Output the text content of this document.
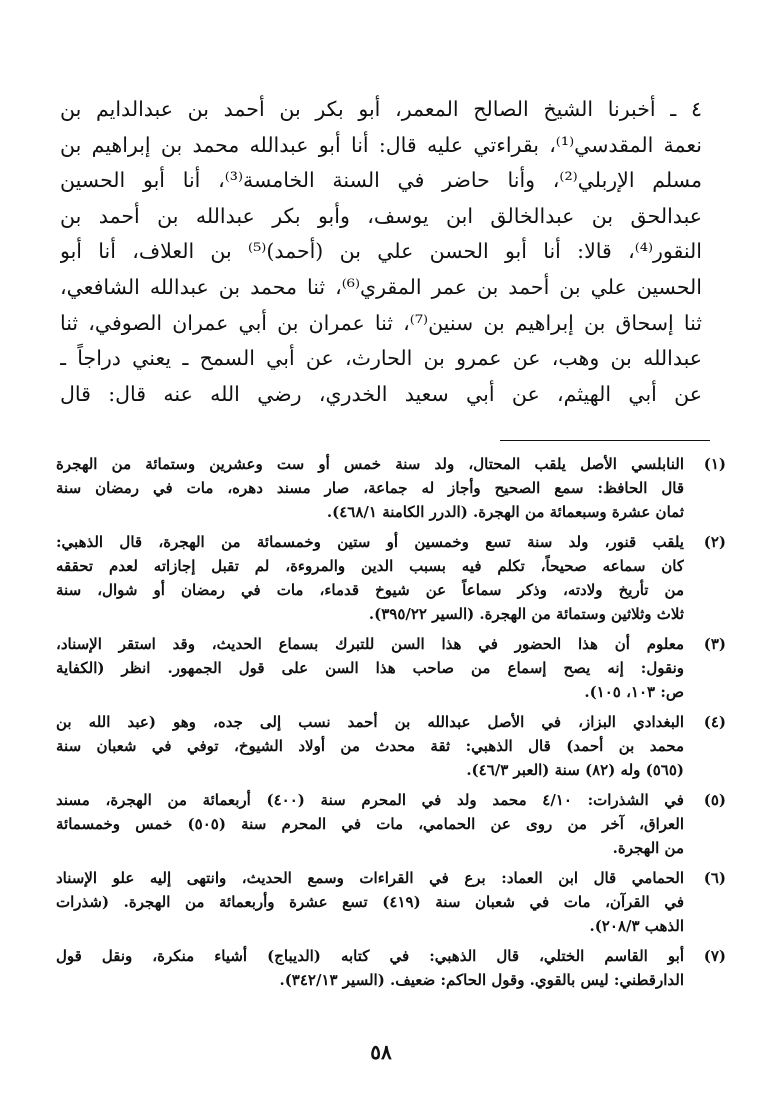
٤ ـ أخبرنا الشيخ الصالح المعمر، أبو بكر بن أحمد بن عبدالدايم بن
نعمة المقدسي⁽¹⁾، بقراءتي عليه قال: أنا أبو عبدالله محمد بن إبراهيم بن
مسلم الإربلي⁽²⁾، وأنا حاضر في السنة الخامسة⁽³⁾، أنا أبو الحسين
عبدالحق بن عبدالخالق ابن يوسف، وأبو بكر عبدالله بن أحمد بن
النقور⁽⁴⁾، قالا: أنا أبو الحسن علي بن (أحمد)⁽⁵⁾ بن العلاف، أنا أبو
الحسين علي بن أحمد بن عمر المقري⁽⁶⁾، ثنا محمد بن عبدالله الشافعي،
ثنا إسحاق بن إبراهيم بن سنين⁽⁷⁾، ثنا عمران بن أبي عمران الصوفي، ثنا
عبدالله بن وهب، عن عمرو بن الحارث، عن أبي السمح ـ يعني دراجاً ـ
عن أبي الهيثم، عن أبي سعيد الخدري، رضي الله عنه قال: قال
(١)
النابلسي الأصل يلقب المحتال، ولد سنة خمس أو ست وعشرين وستمائة من الهجرة
قال الحافظ: سمع الصحيح وأجاز له جماعة، صار مسند دهره، مات في رمضان سنة
ثمان عشرة وسبعمائة من الهجرة. (الدرر الكامنة ٤٦٨/١).
(٢)
يلقب قنور، ولد سنة تسع وخمسين أو ستين وخمسمائة من الهجرة، قال الذهبي:
كان سماعه صحيحاً، تكلم فيه بسبب الدين والمروءة، لم تقبل إجازاته لعدم تحققه
من تأريخ ولادته، وذكر سماعاً عن شيوخ قدماء، مات في رمضان أو شوال، سنة
ثلاث وثلاثين وستمائة من الهجرة. (السير ٣٩٥/٢٢).
(٣)
معلوم أن هذا الحضور في هذا السن للتبرك بسماع الحديث، وقد استقر الإسناد،
ونقول: إنه يصح إسماع من صاحب هذا السن على قول الجمهور. انظر (الكفاية
ص: ١٠٣، ١٠٥).
(٤)
البغدادي البزاز، في الأصل عبدالله بن أحمد نسب إلى جده، وهو (عبد الله بن
محمد بن أحمد) قال الذهبي: ثقة محدث من أولاد الشيوخ، توفي في شعبان سنة
(٥٦٥) وله (٨٢) سنة (العبر ٤٦/٣).
(٥)
في الشذرات: ٤/١٠ محمد ولد في المحرم سنة (٤٠٠) أربعمائة من الهجرة، مسند
العراق، آخر من روى عن الحمامي، مات في المحرم سنة (٥٠٥) خمس وخمسمائة
من الهجرة.
(٦)
الحمامي قال ابن العماد: برع في القراءات وسمع الحديث، وانتهى إليه علو الإسناد
في القرآن، مات في شعبان سنة (٤١٩) تسع عشرة وأربعمائة من الهجرة. (شذرات
الذهب ٢٠٨/٣).
(٧)
أبو القاسم الختلي، قال الذهبي: في كتابه (الديباج) أشياء منكرة، ونقل قول
الدارقطني: ليس بالقوي. وقول الحاكم: ضعيف. (السير ٣٤٢/١٣).
٥٨
